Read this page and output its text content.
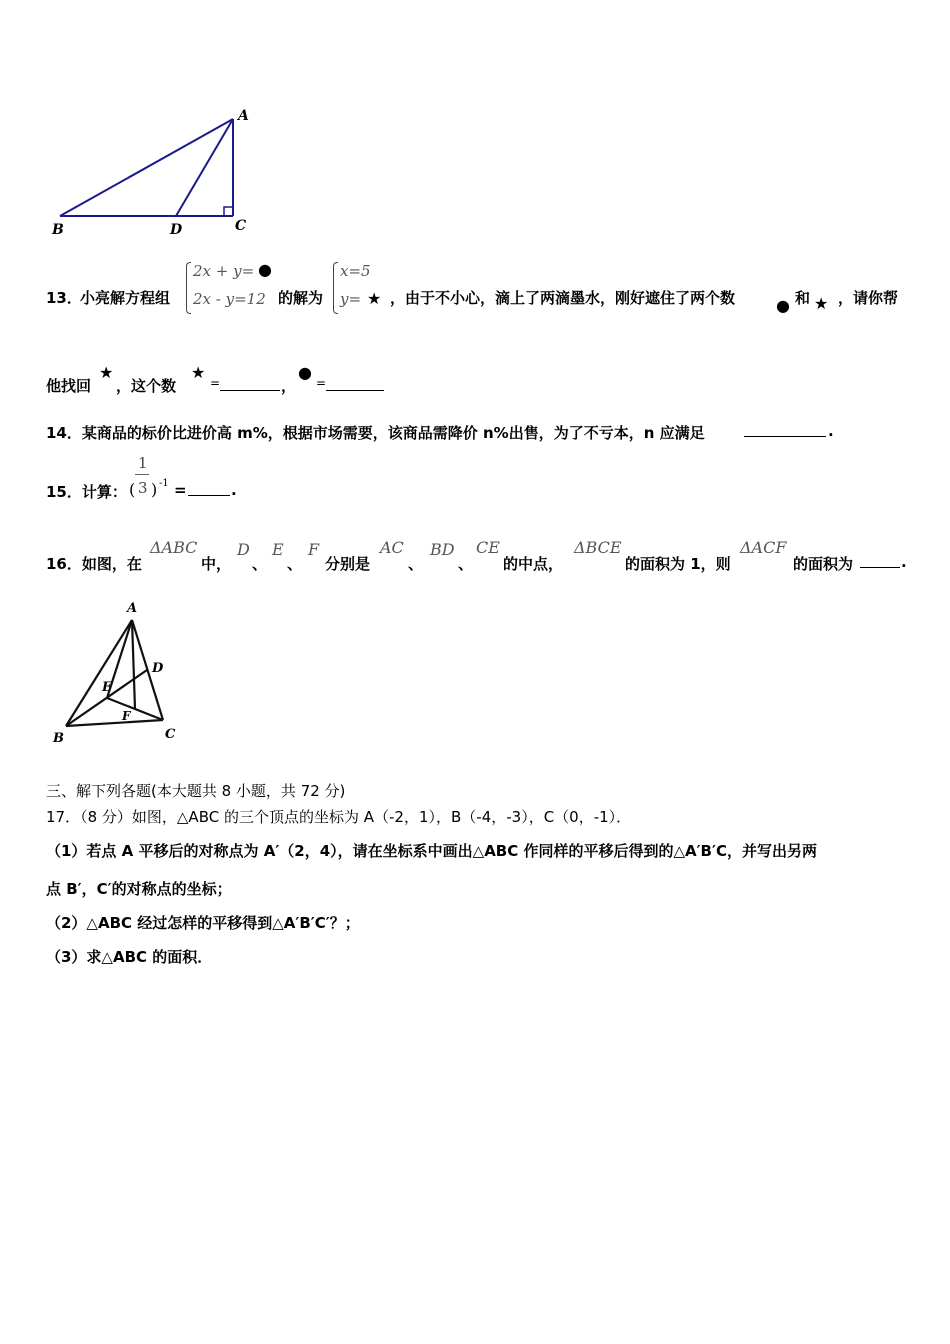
A
B	D	C
13．
小亮解方程组
2x + y= ●
2x - y=12 的解为
x=5
y= ★ ，由于不小心，滴上了两滴墨水，刚好遮住了两个数	● 和 ★ ，请你帮
他找回
★
，这个数
★
=	，
●
=
14．某商品的标价比进价高 m%，根据市场需要，该商品需降价 n%出售，为了不亏本，n 应满足	.
15．计算： (
1
3 ) -1 =	.
16．如图，在
ΔABC
中，
D
、
E
、
F
分别是
AC
、
BD
、
CE
的中点，
ΔBCE
的面积为 1，则
ΔACF
的面积为	.
A
D
E
F
B	C
三、解下列各题(本大题共 8 小题，共 72 分)
17．（8 分）如图，△ABC 的三个顶点的坐标为 A（-2，1），B（-4，-3），C（0，-1）．
（1）若点 A 平移后的对称点为 A′（2，4），请在坐标系中画出△ABC 作同样的平移后得到的△A′B′C，并写出另两
点 B′，C′的对称点的坐标；
（2）△ABC 经过怎样的平移得到△A′B′C′？；
（3）求△ABC 的面积．
